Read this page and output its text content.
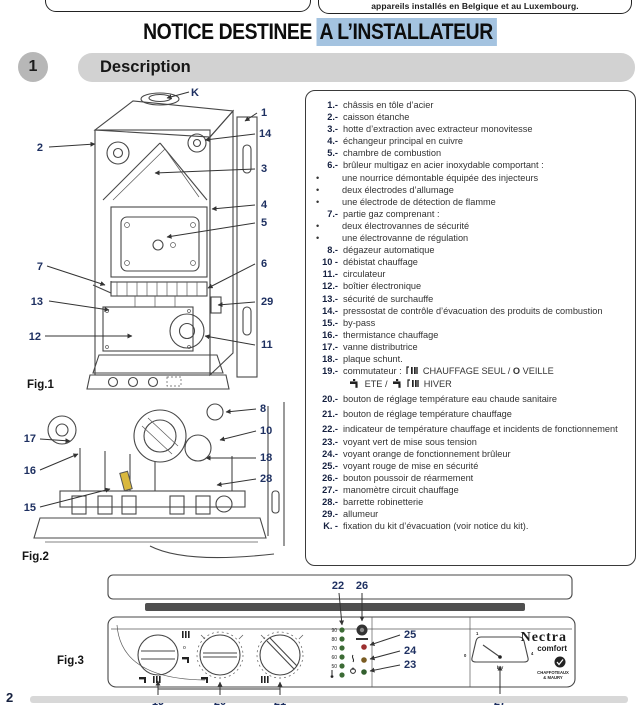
appareils installés en Belgique et au Luxembourg.
NOTICE DESTINEE A L’INSTALLATEUR
1	Description
K
1
14
2
3
4
5
6
7
13	29
12
11
Fig.1
8
10
17
18
16
28
15
Fig.2
o
90
80
70
60
50
1
0	4
bar
Nectra
comfort
CHAFFOTEAUX
& MAURY
22 26
25
24
23
Fig.3
1.- châssis en tôle d’acier
2.- caisson étanche
3.- hotte d’extraction avec extracteur monovitesse
4.- échangeur principal en cuivre
5.- chambre de combustion
6.- brûleur multigaz en acier inoxydable comportant :
•	une nourrice démontable équipée des injecteurs
•	deux électrodes d’allumage
•	une électrode de détection de flamme
7.- partie gaz comprenant :
•	deux électrovannes de sécurité
•	une électrovanne de régulation
8.- dégazeur automatique
10 - débistat chauffage
11.- circulateur
12.- boîtier électronique
13.- sécurité de surchauffe
14.- pressostat de contrôle d’évacuation des produits de combustion
15.- by-pass
16.- thermistance chauffage
17.- vanne distributrice
18.- plaque schunt.
19.- commutateur : CHAUFFAGE SEUL / O VEILLE
ETE /	HIVER
20.- bouton de réglage température eau chaude sanitaire
21.- bouton de réglage température chauffage
22.- indicateur de température chauffage et incidents de fonctionnement
23.- voyant vert de mise sous tension
24.- voyant orange de fonctionnement brûleur
25.- voyant rouge de mise en sécurité
26.- bouton poussoir de réarmement
27.- manomètre circuit chauffage
28.- barrette robinetterie
29.- allumeur
K. - fixation du kit d’évacuation (voir notice du kit).
2
